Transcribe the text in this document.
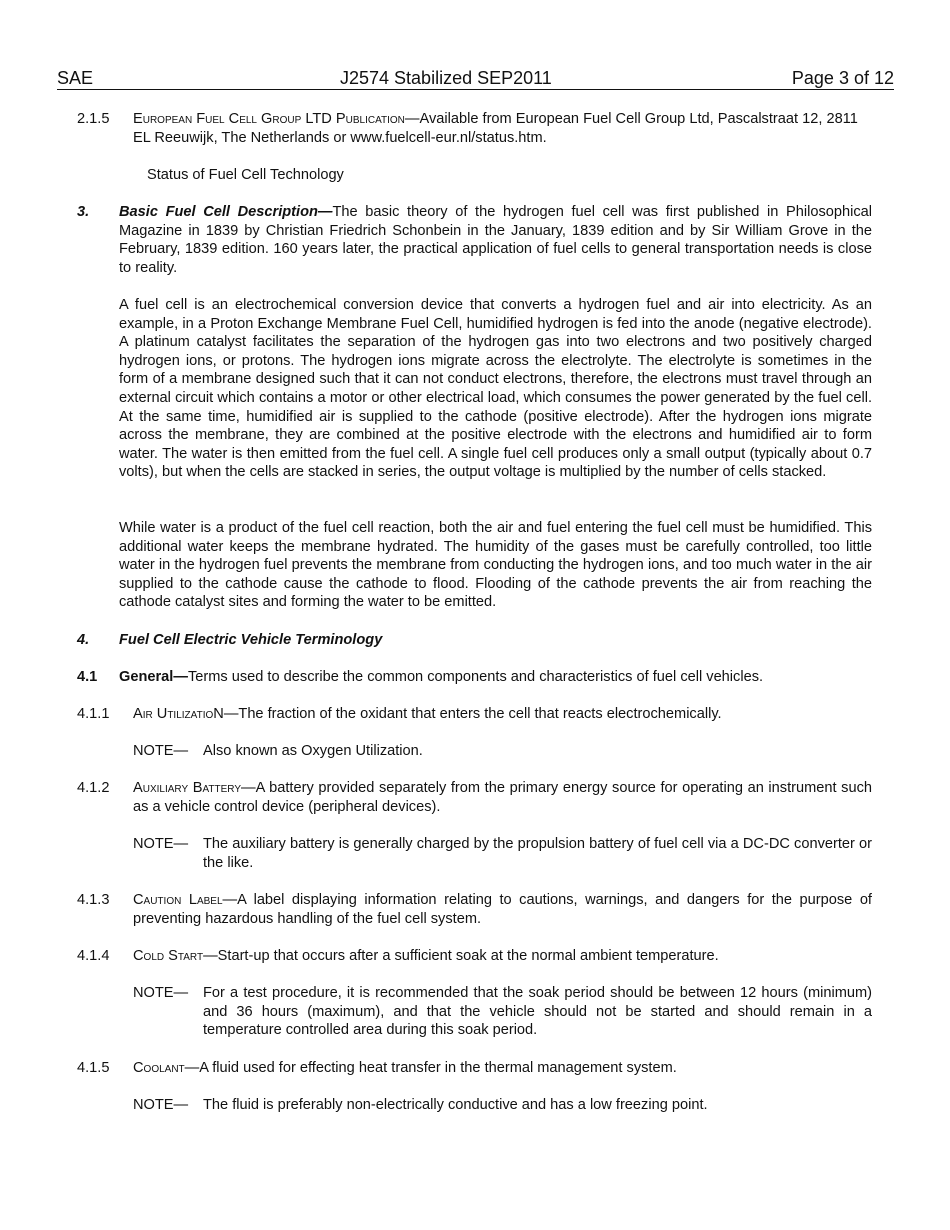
SAE	J2574 Stabilized SEP2011	Page 3 of 12
2.1.5 European Fuel Cell Group LTD Publication—Available from European Fuel Cell Group Ltd, Pascalstraat 12, 2811 EL Reeuwijk, The Netherlands or www.fuelcell-eur.nl/status.htm.

Status of Fuel Cell Technology
3. Basic Fuel Cell Description—The basic theory of the hydrogen fuel cell was first published in Philosophical Magazine in 1839 by Christian Friedrich Schonbein in the January, 1839 edition and by Sir William Grove in the February, 1839 edition. 160 years later, the practical application of fuel cells to general transportation needs is close to reality.

A fuel cell is an electrochemical conversion device that converts a hydrogen fuel and air into electricity. As an example, in a Proton Exchange Membrane Fuel Cell, humidified hydrogen is fed into the anode (negative electrode). A platinum catalyst facilitates the separation of the hydrogen gas into two electrons and two positively charged hydrogen ions, or protons. The hydrogen ions migrate across the electrolyte. The electrolyte is sometimes in the form of a membrane designed such that it can not conduct electrons, therefore, the electrons must travel through an external circuit which contains a motor or other electrical load, which consumes the power generated by the fuel cell. At the same time, humidified air is supplied to the cathode (positive electrode). After the hydrogen ions migrate across the membrane, they are combined at the positive electrode with the electrons and humidified air to form water. The water is then emitted from the fuel cell. A single fuel cell produces only a small output (typically about 0.7 volts), but when the cells are stacked in series, the output voltage is multiplied by the number of cells stacked.
While water is a product of the fuel cell reaction, both the air and fuel entering the fuel cell must be humidified. This additional water keeps the membrane hydrated. The humidity of the gases must be carefully controlled, too little water in the hydrogen fuel prevents the membrane from conducting the hydrogen ions, and too much water in the air supplied to the cathode cause the cathode to flood. Flooding of the cathode prevents the air from reaching the cathode catalyst sites and forming the water to be emitted.
4. Fuel Cell Electric Vehicle Terminology
4.1 General—Terms used to describe the common components and characteristics of fuel cell vehicles.
4.1.1 Air UtilizatioN—The fraction of the oxidant that enters the cell that reacts electrochemically.
NOTE— Also known as Oxygen Utilization.
4.1.2 Auxiliary Battery—A battery provided separately from the primary energy source for operating an instrument such as a vehicle control device (peripheral devices).
NOTE— The auxiliary battery is generally charged by the propulsion battery of fuel cell via a DC-DC converter or the like.
4.1.3 Caution Label—A label displaying information relating to cautions, warnings, and dangers for the purpose of preventing hazardous handling of the fuel cell system.
4.1.4 Cold Start—Start-up that occurs after a sufficient soak at the normal ambient temperature.
NOTE— For a test procedure, it is recommended that the soak period should be between 12 hours (minimum) and 36 hours (maximum), and that the vehicle should not be started and should remain in a temperature controlled area during this soak period.
4.1.5 Coolant—A fluid used for effecting heat transfer in the thermal management system.
NOTE— The fluid is preferably non-electrically conductive and has a low freezing point.
